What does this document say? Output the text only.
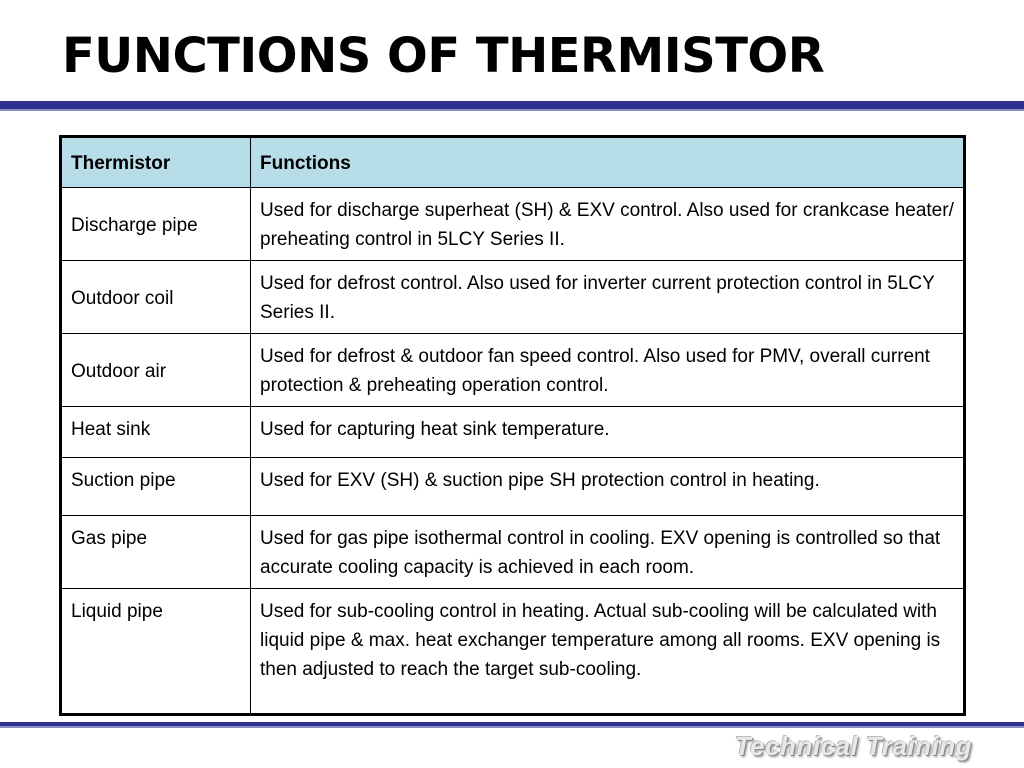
FUNCTIONS OF THERMISTOR
Thermistor	Functions
Discharge pipe	Used for discharge superheat (SH) & EXV control. Also used for crankcase heater/ preheating control in 5LCY Series II.
Outdoor coil	Used for defrost control. Also used for inverter current protection control in 5LCY Series II.
Outdoor air	Used for defrost & outdoor fan speed control. Also used for PMV, overall current protection & preheating operation control.
Heat sink	Used for capturing heat sink temperature.
Suction pipe	Used for EXV (SH) & suction pipe SH protection control in heating.
Gas pipe	Used for gas pipe isothermal control in cooling. EXV opening is controlled so that accurate cooling capacity is achieved in each room.
Liquid pipe	Used for sub-cooling control in heating. Actual sub-cooling will be calculated with liquid pipe & max. heat exchanger temperature among all rooms. EXV opening is then adjusted to reach the target sub-cooling.
Technical Training
